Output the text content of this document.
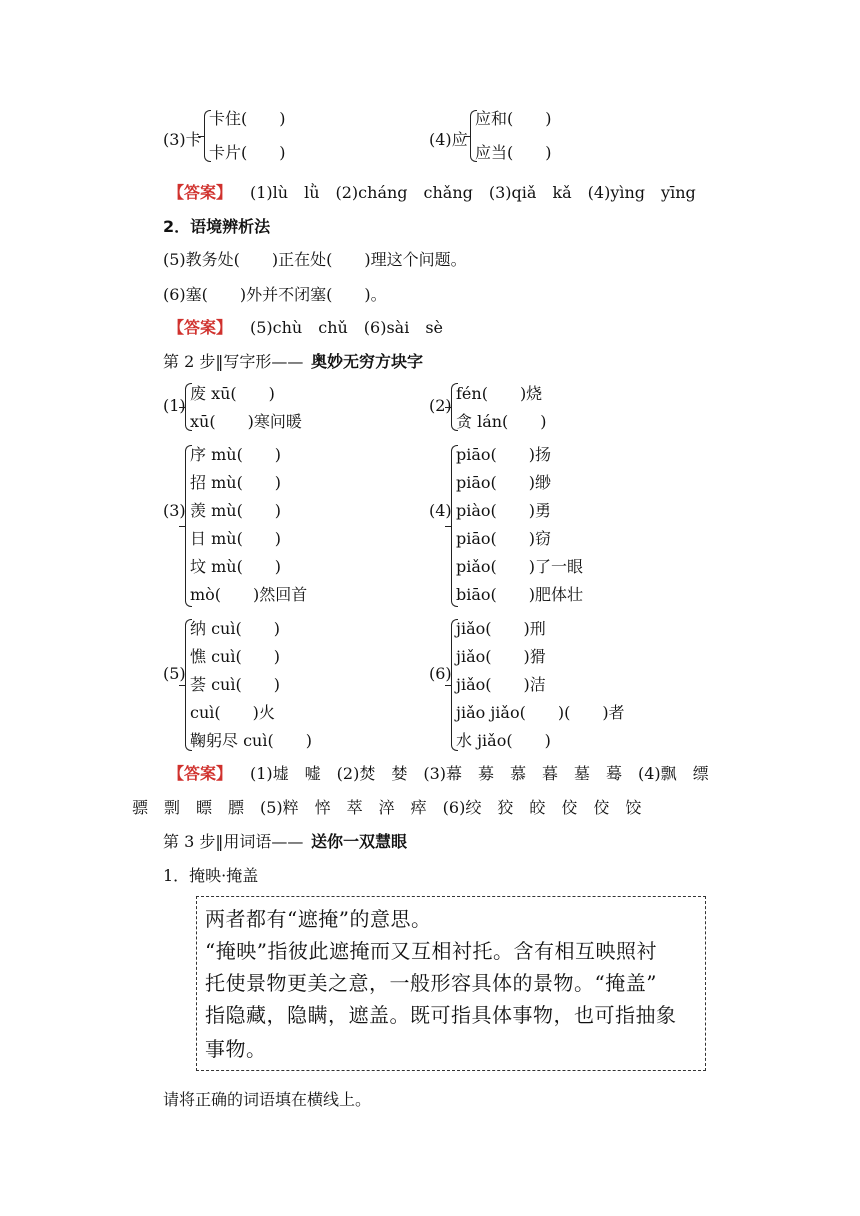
(3)卡
卡住(　　)
卡片(　　)
(4)应
应和(　　)
应当(　　)
【答案】 (1)lù　lǜ　(2)cháng　chǎng　(3)qiǎ　kǎ　(4)yìng　yīng
2．语境辨析法
(5)教务处(　　)正在处(　　)理这个问题。
(6)塞(　　)外并不闭塞(　　)。
【答案】 (5)chù　chǔ　(6)sài　sè
第 2 步‖写字形—— 奥妙无穷方块字
(1)
废 xū(　　)
xū(　　)寒问暖
(2)
fén(　　)烧
贪 lán(　　)
(3)
序 mù(　　)
招 mù(　　)
羡 mù(　　)
日 mù(　　)
坟 mù(　　)
mò(　　)然回首
(4)
piāo(　　)扬
piāo(　　)缈
piào(　　)勇
piāo(　　)窃
piǎo(　　)了一眼
biāo(　　)肥体壮
(5)
纳 cuì(　　)
憔 cuì(　　)
荟 cuì(　　)
cuì(　　)火
鞠躬尽 cuì(　　)
(6)
jiǎo(　　)刑
jiǎo(　　)猾
jiǎo(　　)洁
jiǎo jiǎo(　　)(　　)者
水 jiǎo(　　)
【答案】 (1)墟　嘘　(2)焚　婪　(3)幕　募　慕　暮　墓　蓦　(4)飘　缥
骠　剽　瞟　膘　(5)粹　悴　萃　淬　瘁　(6)绞　狡　皎　佼　佼　饺
第 3 步‖用词语—— 送你一双慧眼
1．掩映·掩盖
两者都有“遮掩”的意思。
“掩映”指彼此遮掩而又互相衬托。含有相互映照衬
托使景物更美之意，一般形容具体的景物。“掩盖”
指隐藏，隐瞒，遮盖。既可指具体事物，也可指抽象
事物。
请将正确的词语填在横线上。
